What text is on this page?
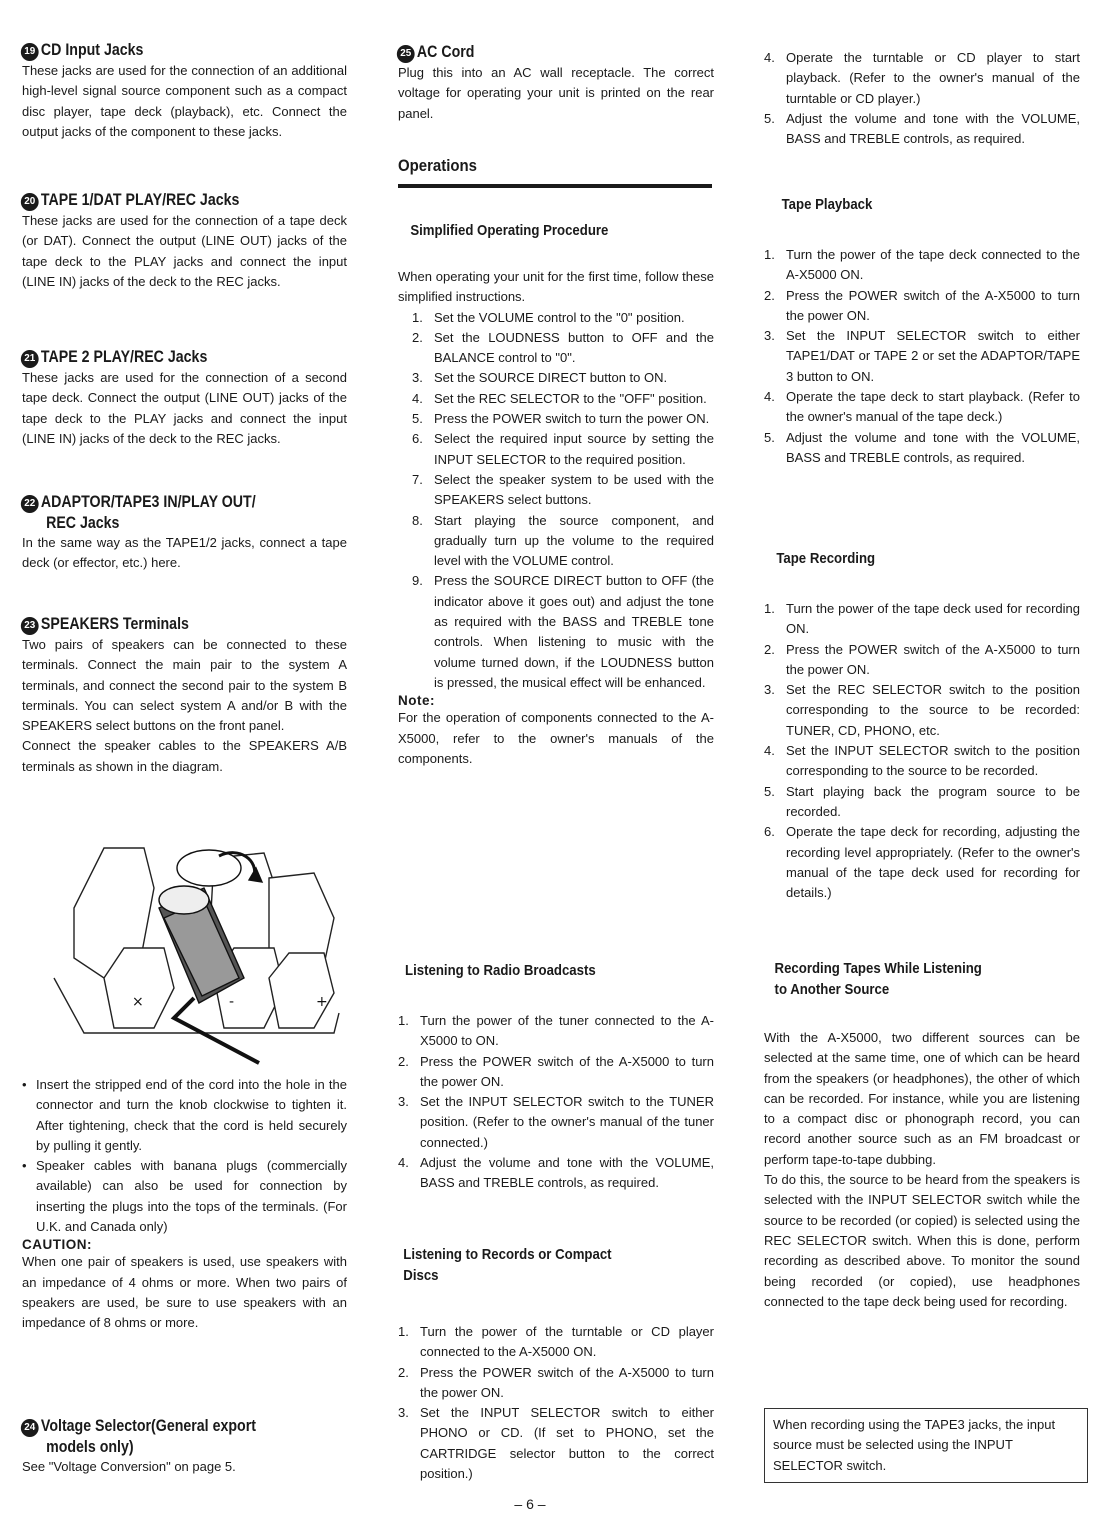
19 CD Input Jacks

These jacks are used for the connection of an additional high-level signal source component such as a compact disc player, tape deck (playback), etc. Connect the output jacks of the component to these jacks.

20 TAPE 1/DAT PLAY/REC Jacks

These jacks are used for the connection of a tape deck (or DAT). Connect the output (LINE OUT) jacks of the tape deck to the PLAY jacks and connect the input (LINE IN) jacks of the deck to the REC jacks.

21 TAPE 2 PLAY/REC Jacks

These jacks are used for the connection of a second tape deck. Connect the output (LINE OUT) jacks of the tape deck to the PLAY jacks and connect the input (LINE IN) jacks of the deck to the REC jacks.

22 ADAPTOR/TAPE3 IN/PLAY OUT/
REC Jacks

In the same way as the TAPE1/2 jacks, connect a tape deck (or effector, etc.) here.

23 SPEAKERS Terminals

Two pairs of speakers can be connected to these terminals. Connect the main pair to the system A terminals, and connect the second pair to the system B terminals. You can select system A and/or B with the SPEAKERS select buttons on the front panel.

Connect the speaker cables to the SPEAKERS A/B terminals as shown in the diagram.

×	-	+
• Insert the stripped end of the cord into the hole in the connector and turn the knob clockwise to tighten it. After tightening, check that the cord is held securely by pulling it gently.
• Speaker cables with banana plugs (commercially available) can also be used for connection by inserting the plugs into the tops of the terminals. (For U.K. and Canada only)
CAUTION:

When one pair of speakers is used, use speakers with an impedance of 4 ohms or more. When two pairs of speakers are used, be sure to use speakers with an impedance of 8 ohms or more.

24 Voltage Selector(General export
models only)

See "Voltage Conversion" on page 5.

25 AC Cord

Plug this into an AC wall receptacle. The correct voltage for operating your unit is printed on the rear panel.

Operations
Simplified Operating Procedure

When operating your unit for the first time, follow these simplified instructions.

1. Set the VOLUME control to the "0" position.
2. Set the LOUDNESS button to OFF and the BALANCE control to "0".
3. Set the SOURCE DIRECT button to ON.
4. Set the REC SELECTOR to the "OFF" position.
5. Press the POWER switch to turn the power ON.
6. Select the required input source by setting the INPUT SELECTOR to the required position.
7. Select the speaker system to be used with the SPEAKERS select buttons.
8. Start playing the source component, and gradually turn up the volume to the required level with the VOLUME control.
9. Press the SOURCE DIRECT button to OFF (the indicator above it goes out) and adjust the tone as required with the BASS and TREBLE tone controls. When listening to music with the volume turned down, if the LOUDNESS button is pressed, the musical effect will be enhanced.
Note:

For the operation of components connected to the A-X5000, refer to the owner's manuals of the components.

Listening to Radio Broadcasts
1. Turn the power of the tuner connected to the A-X5000 to ON.
2. Press the POWER switch of the A-X5000 to turn the power ON.
3. Set the INPUT SELECTOR switch to the TUNER position. (Refer to the owner's manual of the tuner connected.)
4. Adjust the volume and tone with the VOLUME, BASS and TREBLE controls, as required.
Listening to Records or Compact
Discs
1. Turn the power of the turntable or CD player connected to the A-X5000 ON.
2. Press the POWER switch of the A-X5000 to turn the power ON.
3. Set the INPUT SELECTOR switch to either PHONO or CD. (If set to PHONO, set the CARTRIDGE selector button to the correct position.)
4. Operate the turntable or CD player to start playback. (Refer to the owner's manual of the turntable or CD player.)
5. Adjust the volume and tone with the VOLUME, BASS and TREBLE controls, as required.
Tape Playback
1. Turn the power of the tape deck connected to the A-X5000 ON.
2. Press the POWER switch of the A-X5000 to turn the power ON.
3. Set the INPUT SELECTOR switch to either TAPE1/DAT or TAPE 2 or set the ADAPTOR/TAPE 3 button to ON.
4. Operate the tape deck to start playback. (Refer to the owner's manual of the tape deck.)
5. Adjust the volume and tone with the VOLUME, BASS and TREBLE controls, as required.
Tape Recording
1. Turn the power of the tape deck used for recording ON.
2. Press the POWER switch of the A-X5000 to turn the power ON.
3. Set the REC SELECTOR switch to the position corresponding to the source to be recorded: TUNER, CD, PHONO, etc.
4. Set the INPUT SELECTOR switch to the position corresponding to the source to be recorded.
5. Start playing back the program source to be recorded.
6. Operate the tape deck for recording, adjusting the recording level appropriately. (Refer to the owner's manual of the tape deck used for recording for details.)
Recording Tapes While Listening
to Another Source

With the A-X5000, two different sources can be selected at the same time, one of which can be heard from the speakers (or headphones), the other of which can be recorded. For instance, while you are listening to a compact disc or phonograph record, you can record another source such as an FM broadcast or perform tape-to-tape dubbing.

To do this, the source to be heard from the speakers is selected with the INPUT SELECTOR switch while the source to be recorded (or copied) is selected using the REC SELECTOR switch. When this is done, perform recording as described above. To monitor the sound being recorded (or copied), use headphones connected to the tape deck being used for recording.

When recording using the TAPE3 jacks, the input source must be selected using the INPUT SELECTOR switch.
– 6 –
